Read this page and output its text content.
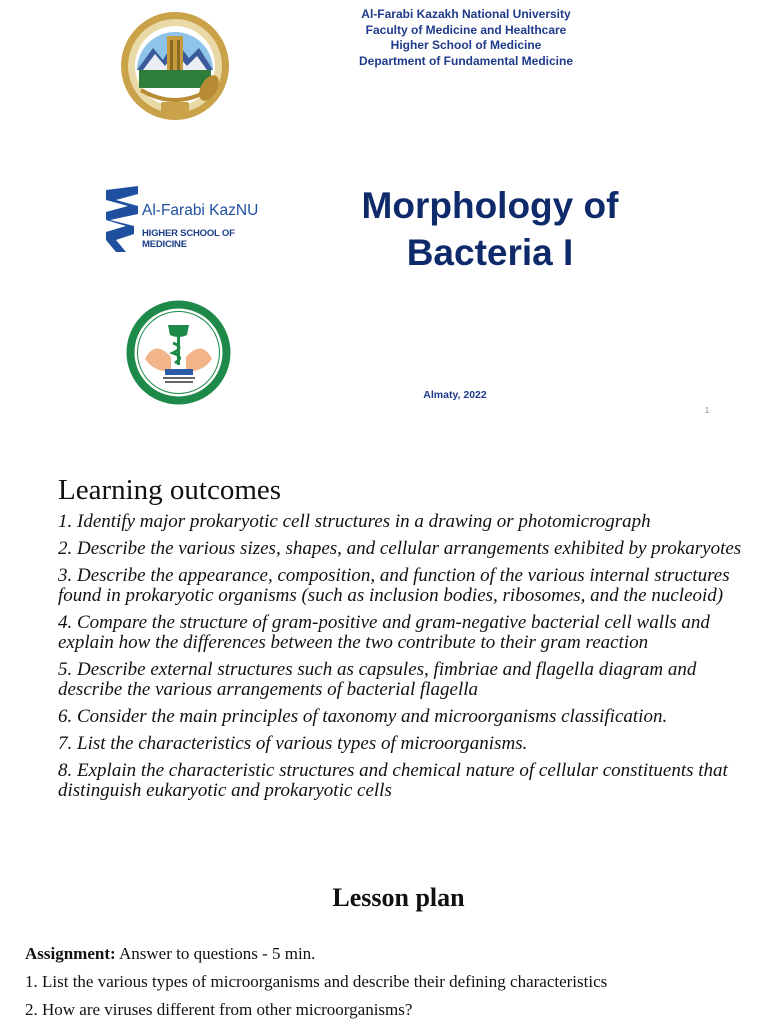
Al-Farabi Kazakh National University
Faculty of Medicine and Healthcare
Higher School of Medicine
Department of Fundamental Medicine
Al-Farabi KazNU
HIGHER SCHOOL OF MEDICINE
Morphology of
Bacteria I
Almaty, 2022
1
Learning outcomes
1. Identify major prokaryotic cell structures in a drawing or photomicrograph
2. Describe the various sizes, shapes, and cellular arrangements exhibited by prokaryotes
3. Describe the appearance, composition, and function of the various internal structures found in prokaryotic organisms (such as inclusion bodies, ribosomes, and the nucleoid)
4. Compare the structure of gram-positive and gram-negative bacterial cell walls and explain how the differences between the two contribute to their gram reaction
5. Describe external structures such as capsules, fimbriae and flagella diagram and describe the various arrangements of bacterial flagella
6. Consider the main principles of taxonomy and microorganisms classification.
7. List the characteristics of various types of microorganisms.
8. Explain the characteristic structures and chemical nature of cellular constituents that distinguish eukaryotic and prokaryotic cells
Lesson plan
Assignment: Answer to questions - 5 min.
1. List the various types of microorganisms and describe their defining characteristics
2. How are viruses different from other microorganisms?
